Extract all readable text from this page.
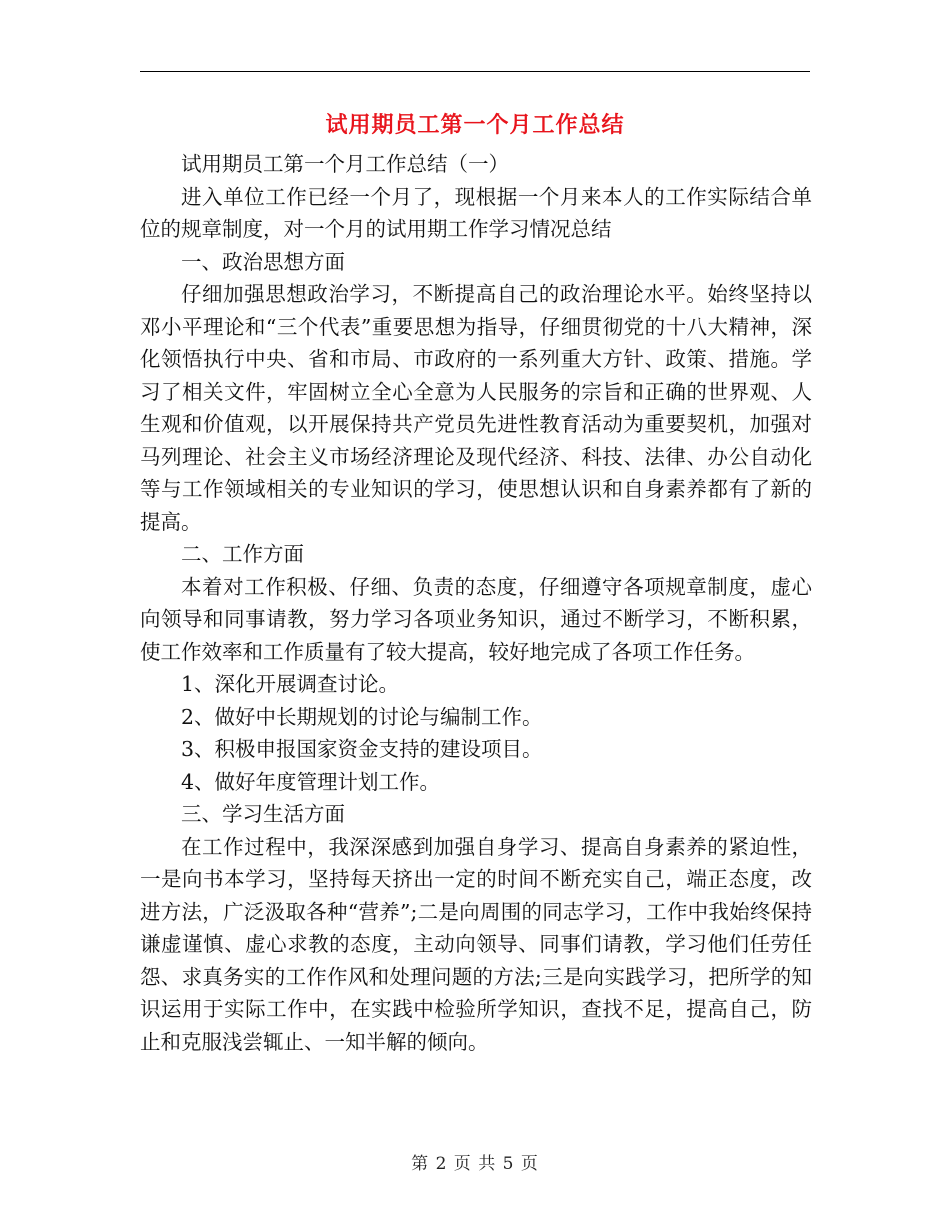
试用期员工第一个月工作总结

试用期员工第一个月工作总结（一）

进入单位工作已经一个月了，现根据一个月来本人的工作实际结合单位的规章制度，对一个月的试用期工作学习情况总结

一、政治思想方面

仔细加强思想政治学习，不断提高自己的政治理论水平。始终坚持以邓小平理论和“三个代表”重要思想为指导，仔细贯彻党的十八大精神，深化领悟执行中央、省和市局、市政府的一系列重大方针、政策、措施。学习了相关文件，牢固树立全心全意为人民服务的宗旨和正确的世界观、人生观和价值观，以开展保持共产党员先进性教育活动为重要契机，加强对马列理论、社会主义市场经济理论及现代经济、科技、法律、办公自动化等与工作领域相关的专业知识的学习，使思想认识和自身素养都有了新的提高。

二、工作方面

本着对工作积极、仔细、负责的态度，仔细遵守各项规章制度，虚心向领导和同事请教，努力学习各项业务知识，通过不断学习，不断积累，使工作效率和工作质量有了较大提高，较好地完成了各项工作任务。

1、深化开展调查讨论。

2、做好中长期规划的讨论与编制工作。

3、积极申报国家资金支持的建设项目。

4、做好年度管理计划工作。

三、学习生活方面

在工作过程中，我深深感到加强自身学习、提高自身素养的紧迫性，一是向书本学习，坚持每天挤出一定的时间不断充实自己，端正态度，改进方法，广泛汲取各种“营养”;二是向周围的同志学习，工作中我始终保持谦虚谨慎、虚心求教的态度，主动向领导、同事们请教，学习他们任劳任怨、求真务实的工作作风和处理问题的方法;三是向实践学习，把所学的知识运用于实际工作中，在实践中检验所学知识，查找不足，提高自己，防止和克服浅尝辄止、一知半解的倾向。

第 2 页 共 5 页
